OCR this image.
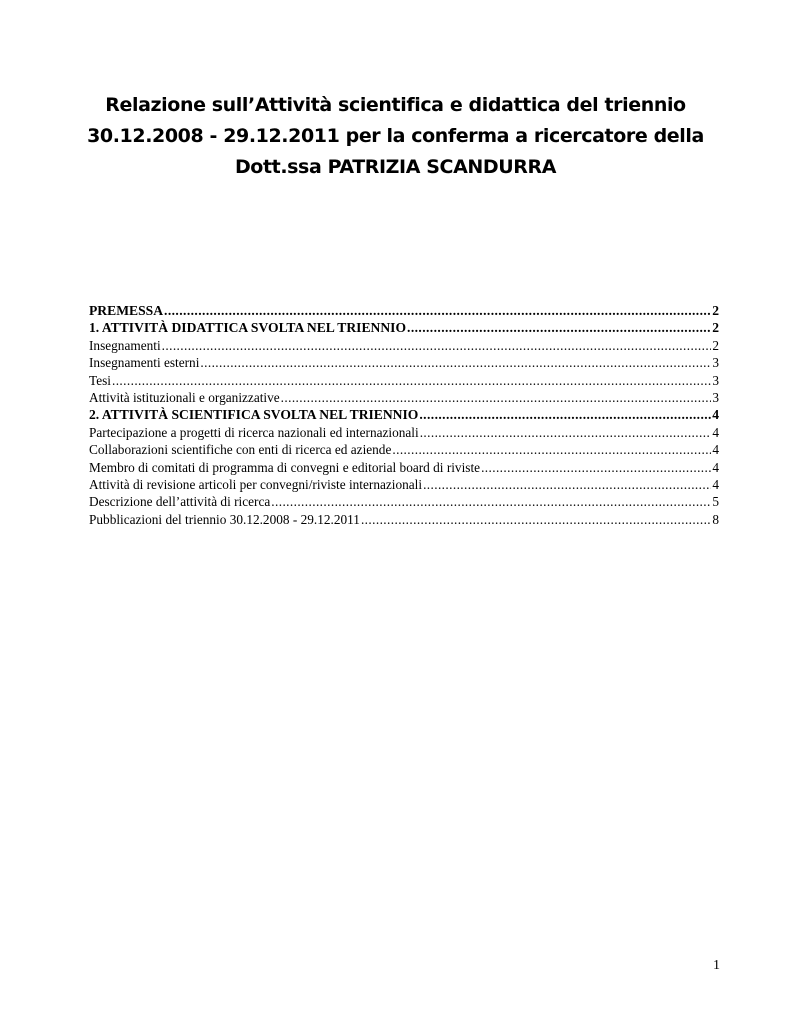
Relazione sull’Attività scientifica e didattica del triennio
30.12.2008 - 29.12.2011 per la conferma a ricercatore della
Dott.ssa PATRIZIA SCANDURRA
PREMESSA .....	2
1. ATTIVITÀ DIDATTICA SVOLTA NEL TRIENNIO .....	2
Insegnamenti .....	2
Insegnamenti esterni .....	3
Tesi .....	3
Attività istituzionali e organizzative .....	3
2. ATTIVITÀ SCIENTIFICA SVOLTA NEL TRIENNIO .....	4
Partecipazione a progetti di ricerca nazionali ed internazionali .....	4
Collaborazioni scientifiche con enti di ricerca ed aziende .....	4
Membro di comitati di programma di convegni e editorial board di riviste .....	4
Attività di revisione articoli per convegni/riviste internazionali .....	4
Descrizione dell’attività di ricerca .....	5
Pubblicazioni del triennio 30.12.2008 - 29.12.2011 .....	8
1
